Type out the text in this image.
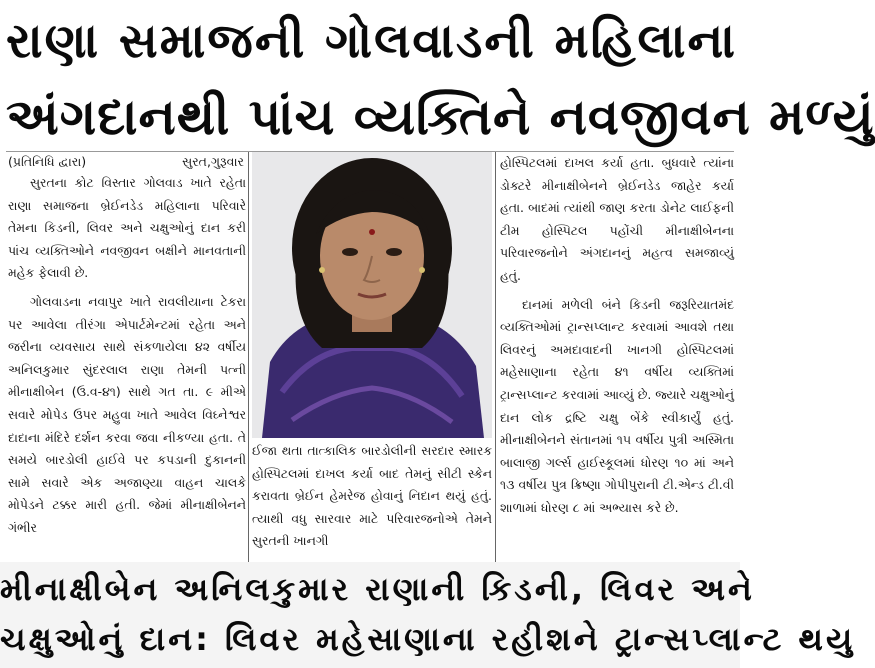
રાણા સમાજની ગોલવાડની મહિલાના
અંગદાનથી પાંચ વ્યક્તિને નવજીવન મળ્યું
(પ્રતિનિધિ દ્વારા)	સુરત,ગુરૂવાર

સુરતના કોટ વિસ્તાર ગોલવાડ ખાતે રહેતા રાણા સમાજના બ્રેઈનડેડ મહિલાના પરિવારે તેમના કિડની, લિવર અને ચક્ષુઓનું દાન કરી પાંચ વ્યક્તિઓને નવજીવન બક્ષીને માનવતાની મહેક ફેલાવી છે.

ગોલવાડના નવાપુર ખાતે રાવલીયાના ટેકરા પર આવેલા તીરંગા એપાર્ટમેન્ટમાં રહેતા અને જરીના વ્યવસાય સાથે સંકળાયેલા ૪૨ વર્ષીય અનિલકુમાર સુંદરલાલ રાણા તેમની પત્ની મીનાક્ષીબેન (ઉ.વ-૪૧) સાથે ગત તા. ૯ મીએ સવારે મોપેડ ઉપર મહુવા ખાતે આવેલ વિઘ્નેશ્વર દાદાના મંદિરે દર્શન કરવા જવા નીકળ્યા હતા. તે સમયે બારડોલી હાઈવે પર કપડાની દુકાનની સામે સવારે એક અજાણ્યા વાહન ચાલકે મોપેડને ટક્કર મારી હતી. જેમાં મીનાક્ષીબેનને ગંભીર

ઈજા થતા તાત્કાલિક બારડોલીની સરદાર સ્મારક હોસ્પિટલમાં દાખલ કર્યા બાદ તેમનું સીટી સ્કેન કરાવતા બ્રેઈન હેમરેજ હોવાનું નિદાન થયું હતું. ત્યાથી વધુ સારવાર માટે પરિવારજનોએ તેમને સુરતની ખાનગી

હોસ્પિટલમાં દાખલ કર્યા હતા. બુધવારે ત્યાંના ડોક્ટરે મીનાક્ષીબેનને બ્રેઈનડેડ જાહેર કર્યા હતા. બાદમાં ત્યાંથી જાણ કરતા ડોનેટ લાઈફની ટીમ હોસ્પિટલ પહોંચી મીનાક્ષીબેનના પરિવારજનોને અંગદાનનું મહત્વ સમજાવ્યું હતું.

દાનમાં મળેલી બંને કિડની જરૂરિયાતમંદ વ્યક્તિઓમાં ટ્રાન્સપ્લાન્ટ કરવામાં આવશે તથા લિવરનું અમદાવાદની ખાનગી હોસ્પિટલમાં મહેસાણાના રહેતા ૪૧ વર્ષીય વ્યક્તિમાં ટ્રાન્સપ્લાન્ટ કરવામાં આવ્યું છે. જ્યારે ચક્ષુઓનું દાન લોક દ્રષ્ટિ ચક્ષુ બેંકે સ્વીકાર્યું હતું. મીનાક્ષીબેનને સંતાનમાં ૧૫ વર્ષીય પુત્રી અસ્મિતા બાલાજી ગર્લ્સ હાઈસ્કૂલમાં ધોરણ ૧૦ માં અને ૧૩ વર્ષીય પુત્ર ક્રિષ્ણા ગોપીપુરાની ટી.એન્ડ ટી.વી શાળામાં ધોરણ ૮ માં અભ્યાસ કરે છે.

મીનાક્ષીબેન અનિલકુમાર રાણાની કિડની, લિવર અને
ચક્ષુઓનું દાન: લિવર મહેસાણાના રહીશને ટ્રાન્સપ્લાન્ટ થયુ
